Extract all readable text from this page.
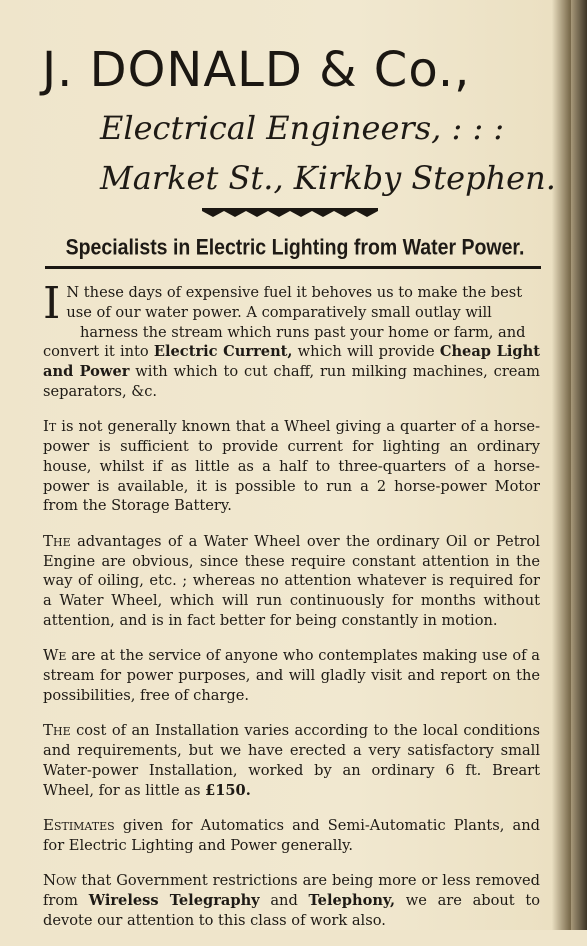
J. DONALD & Co.,
Electrical Engineers, : : :
Market St., Kirkby Stephen.
Specialists in Electric Lighting from Water Power.

I N these days of expensive fuel it behoves us to make the best
use of our water power. A comparatively small outlay will

harness the stream which runs past your home or farm, and
convert it into Electric Current, which will provide Cheap Light and Power with which to cut chaff, run milking machines, cream separators, &c.

It is not generally known that a Wheel giving a quarter of a horse-power is sufficient to provide current for lighting an ordinary house, whilst if as little as a half to three-quarters of a horse-power is available, it is possible to run a 2 horse-power Motor from the Storage Battery.

The advantages of a Water Wheel over the ordinary Oil or Petrol Engine are obvious, since these require constant attention in the way of oiling, etc. ; whereas no attention whatever is required for a Water Wheel, which will run continuously for months without attention, and is in fact better for being constantly in motion.

We are at the service of anyone who contemplates making use of a stream for power purposes, and will gladly visit and report on the possibilities, free of charge.

The cost of an Installation varies according to the local conditions and requirements, but we have erected a very satisfactory small Water-power Installation, worked by an ordinary 6 ft. Breart Wheel, for as little as £150.

Estimates given for Automatics and Semi-Automatic Plants, and for Electric Lighting and Power generally.

Now that Government restrictions are being more or less removed from Wireless Telegraphy and Telephony, we are about to devote our attention to this class of work also.
